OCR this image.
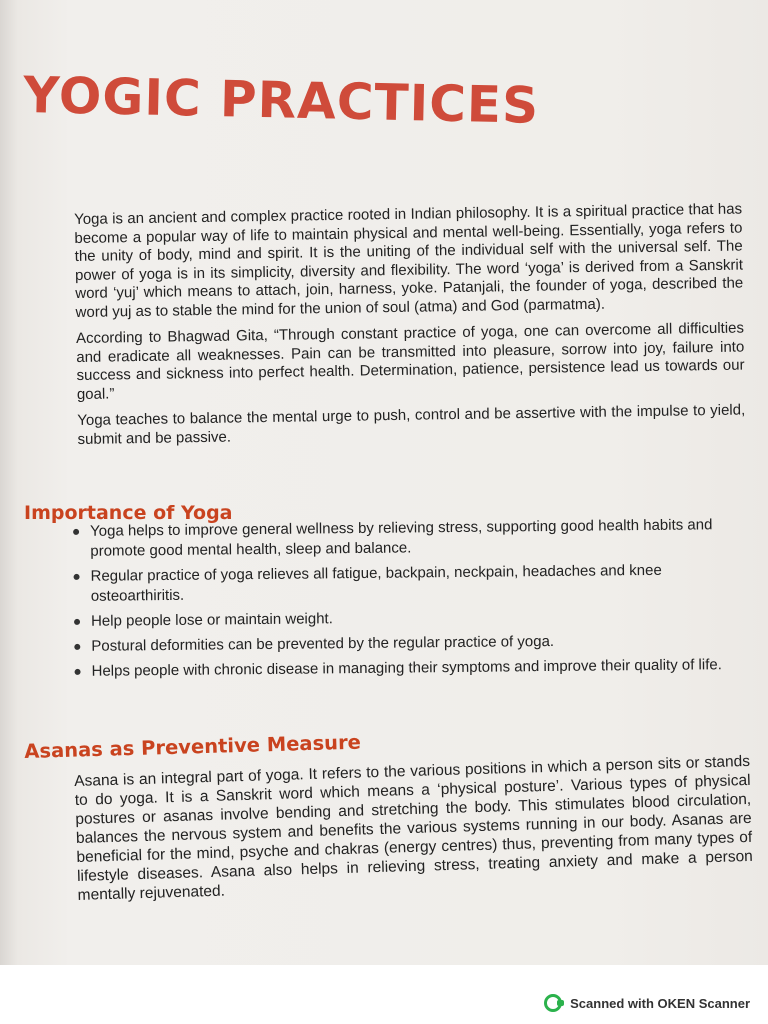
YOGIC PRACTICES

Yoga is an ancient and complex practice rooted in Indian philosophy. It is a spiritual practice that has become a popular way of life to maintain physical and mental well-being. Essentially, yoga refers to the unity of body, mind and spirit. It is the uniting of the individual self with the universal self. The power of yoga is in its simplicity, diversity and flexibility. The word ‘yoga’ is derived from a Sanskrit word ‘yuj’ which means to attach, join, harness, yoke. Patanjali, the founder of yoga, described the word yuj as to stable the mind for the union of soul (atma) and God (parmatma).

According to Bhagwad Gita, “Through constant practice of yoga, one can overcome all difficulties and eradicate all weaknesses. Pain can be transmitted into pleasure, sorrow into joy, failure into success and sickness into perfect health. Determination, patience, persistence lead us towards our goal.”

Yoga teaches to balance the mental urge to push, control and be assertive with the impulse to yield, submit and be passive.

Importance of Yoga
Yoga helps to improve general wellness by relieving stress, supporting good health habits and promote good mental health, sleep and balance.
Regular practice of yoga relieves all fatigue, backpain, neckpain, headaches and knee osteoarthiritis.
Help people lose or maintain weight.
Postural deformities can be prevented by the regular practice of yoga.
Helps people with chronic disease in managing their symptoms and improve their quality of life.
Asanas as Preventive Measure

Asana is an integral part of yoga. It refers to the various positions in which a person sits or stands to do yoga. It is a Sanskrit word which means a ‘physical posture’. Various types of physical postures or asanas involve bending and stretching the body. This stimulates blood circulation, balances the nervous system and benefits the various systems running in our body. Asanas are beneficial for the mind, psyche and chakras (energy centres) thus, preventing from many types of lifestyle diseases. Asana also helps in relieving stress, treating anxiety and make a person mentally rejuvenated.

Scanned with OKEN Scanner
